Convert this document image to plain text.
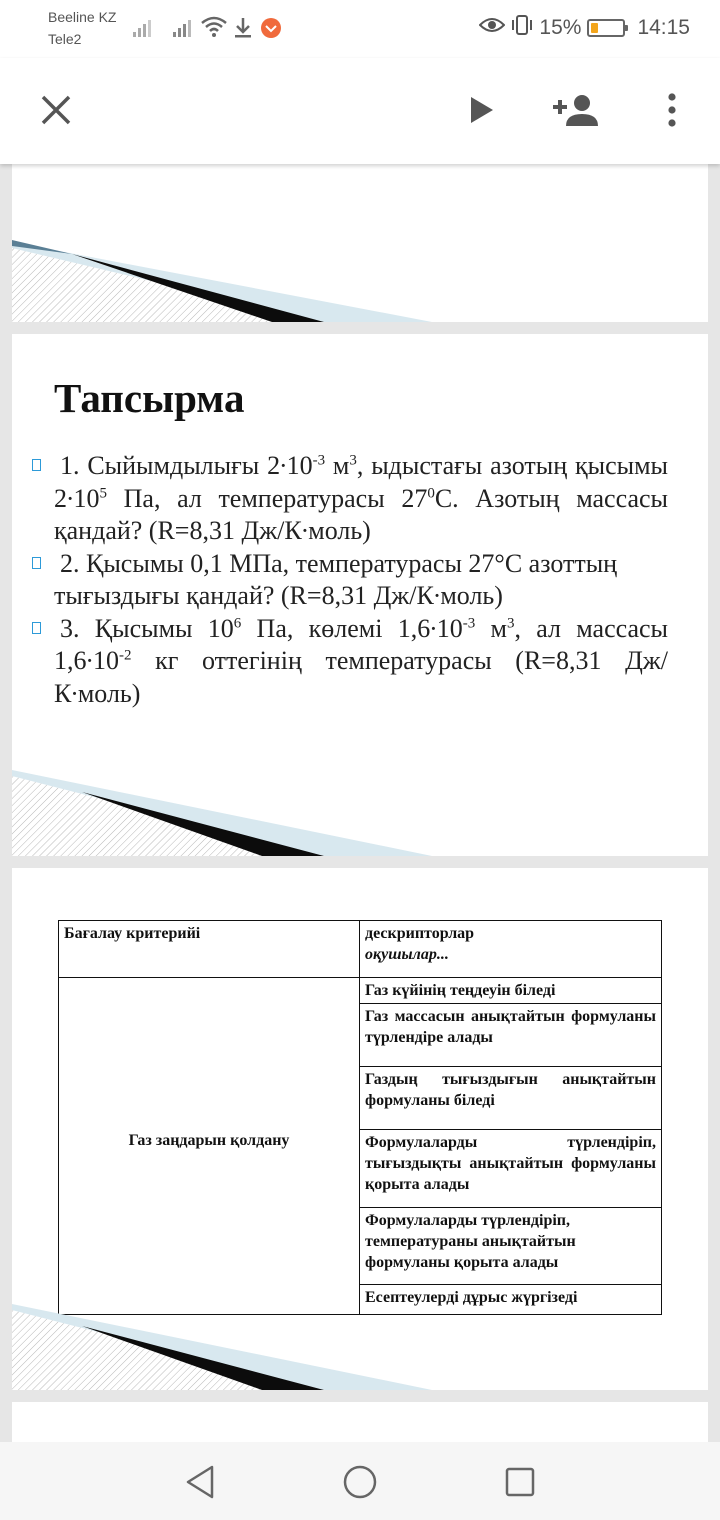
Beeline KZ
Tele2	15%	14:15
Тапсырма
1. Сыйымдылығы $2\cdot 10^{-3}$ $м^3$, ыдыстағы азотың қысымы $2\cdot 10^5$ Па, ал температурасы $27^0С$. Азотың массасы қандай? (R=8,31 Дж/К∙моль)
2. Қысымы 0,1 МПа, температурасы 27°C азоттың тығыздығы қандай? (R=8,31 Дж/К∙моль)
3. Қысымы $10^6$ Па, көлемі $1,6\cdot 10^{-3}$ $м^3$, ал массасы $1,6\cdot 10^{-2}$ кг оттегінің температурасы (R=8,31 Дж/К∙моль)
Бағалау критерийі	дескрипторлар
оқушылар...

Газ заңдарын қолдану	Газ күйінің теңдеуін біледі
	Газ массасын анықтайтын формуланы түрлендіре алады
	Газдың тығыздығын анықтайтын формуланы біледі
	Формулаларды түрлендіріп, тығыздықты анықтайтын формуланы қорыта алады
	Формулаларды түрлендіріп, температураны анықтайтын формуланы қорыта алады
	Есептеулерді дұрыс жүргізеді
